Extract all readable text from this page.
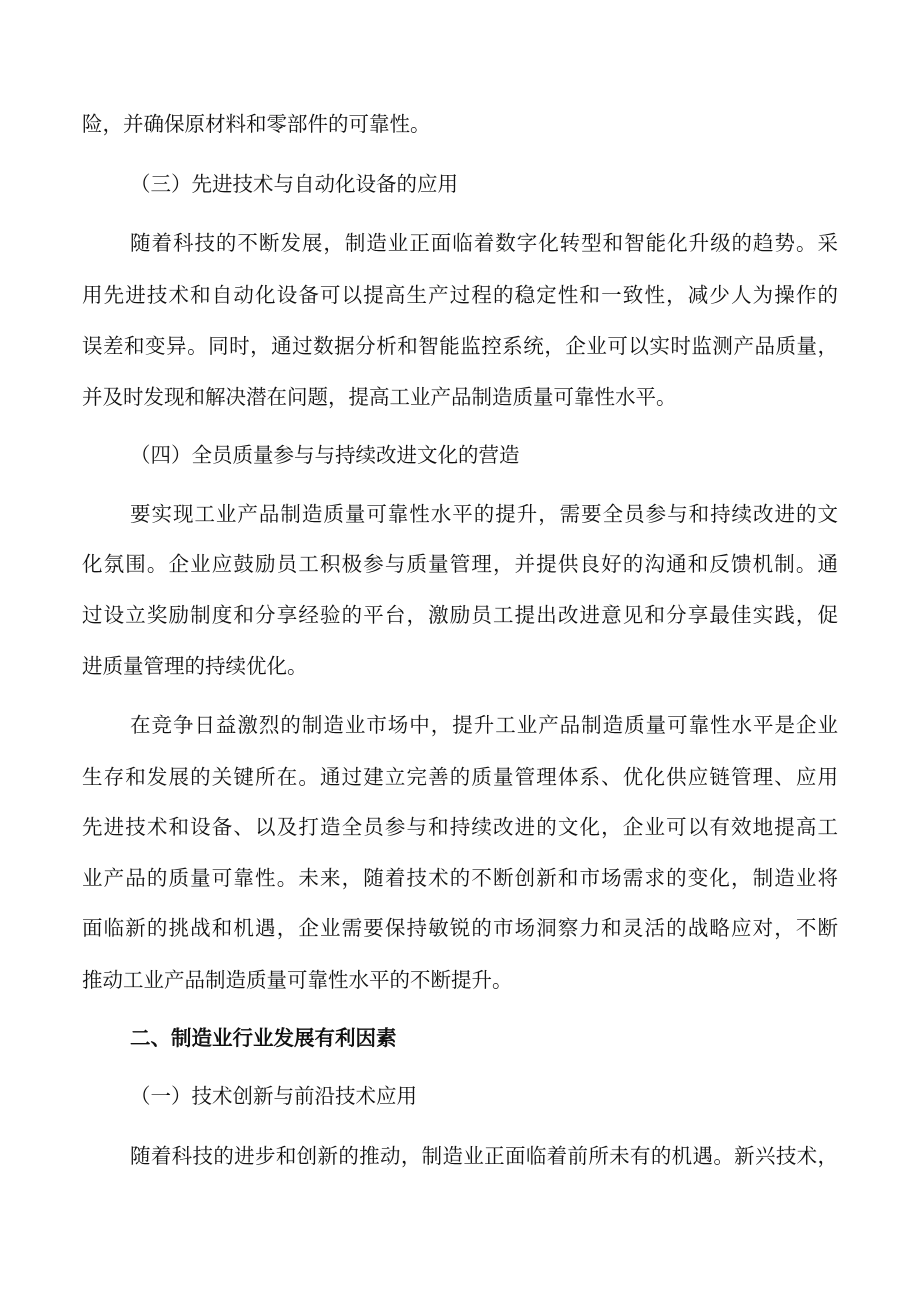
险，并确保原材料和零部件的可靠性。
（三）先进技术与自动化设备的应用
随着科技的不断发展，制造业正面临着数字化转型和智能化升级的趋势。采
用先进技术和自动化设备可以提高生产过程的稳定性和一致性，减少人为操作的
误差和变异。同时，通过数据分析和智能监控系统，企业可以实时监测产品质量，
并及时发现和解决潜在问题，提高工业产品制造质量可靠性水平。
（四）全员质量参与与持续改进文化的营造
要实现工业产品制造质量可靠性水平的提升，需要全员参与和持续改进的文
化氛围。企业应鼓励员工积极参与质量管理，并提供良好的沟通和反馈机制。通
过设立奖励制度和分享经验的平台，激励员工提出改进意见和分享最佳实践，促
进质量管理的持续优化。
在竞争日益激烈的制造业市场中，提升工业产品制造质量可靠性水平是企业
生存和发展的关键所在。通过建立完善的质量管理体系、优化供应链管理、应用
先进技术和设备、以及打造全员参与和持续改进的文化，企业可以有效地提高工
业产品的质量可靠性。未来，随着技术的不断创新和市场需求的变化，制造业将
面临新的挑战和机遇，企业需要保持敏锐的市场洞察力和灵活的战略应对，不断
推动工业产品制造质量可靠性水平的不断提升。
二、制造业行业发展有利因素
（一）技术创新与前沿技术应用
随着科技的进步和创新的推动，制造业正面临着前所未有的机遇。新兴技术，
